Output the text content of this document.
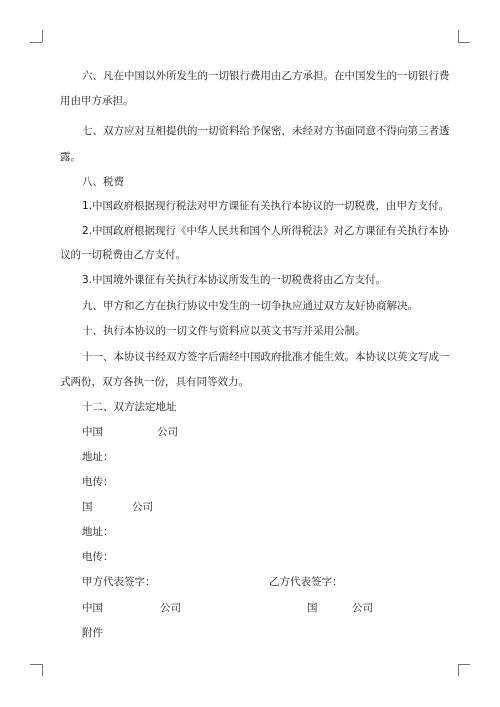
六、凡在中国以外所发生的一切银行费用由乙方承担。在中国发生的一切银行费
用由甲方承担。
七、双方应对互相提供的一切资料给予保密，未经对方书面同意不得向第三者透
露。
八、税费
1.中国政府根据现行税法对甲方课征有关执行本协议的一切税费，由甲方支付。
2.中国政府根据现行《中华人民共和国个人所得税法》对乙方课征有关执行本协
议的一切税费由乙方支付。
3.中国境外课征有关执行本协议所发生的一切税费将由乙方支付。
九、甲方和乙方在执行协议中发生的一切争执应通过双方友好协商解决。
十、执行本协议的一切文件与资料应以英文书写并采用公制。
十一、本协议书经双方签字后需经中国政府批准才能生效。本协议以英文写成一
式两份，双方各执一份，具有同等效力。
十二、双方法定地址
中国	公司
地址：
电传：
国	公司
地址：
电传：
甲方代表签字：	乙方代表签字：
中国	公司	国	公司
附件
